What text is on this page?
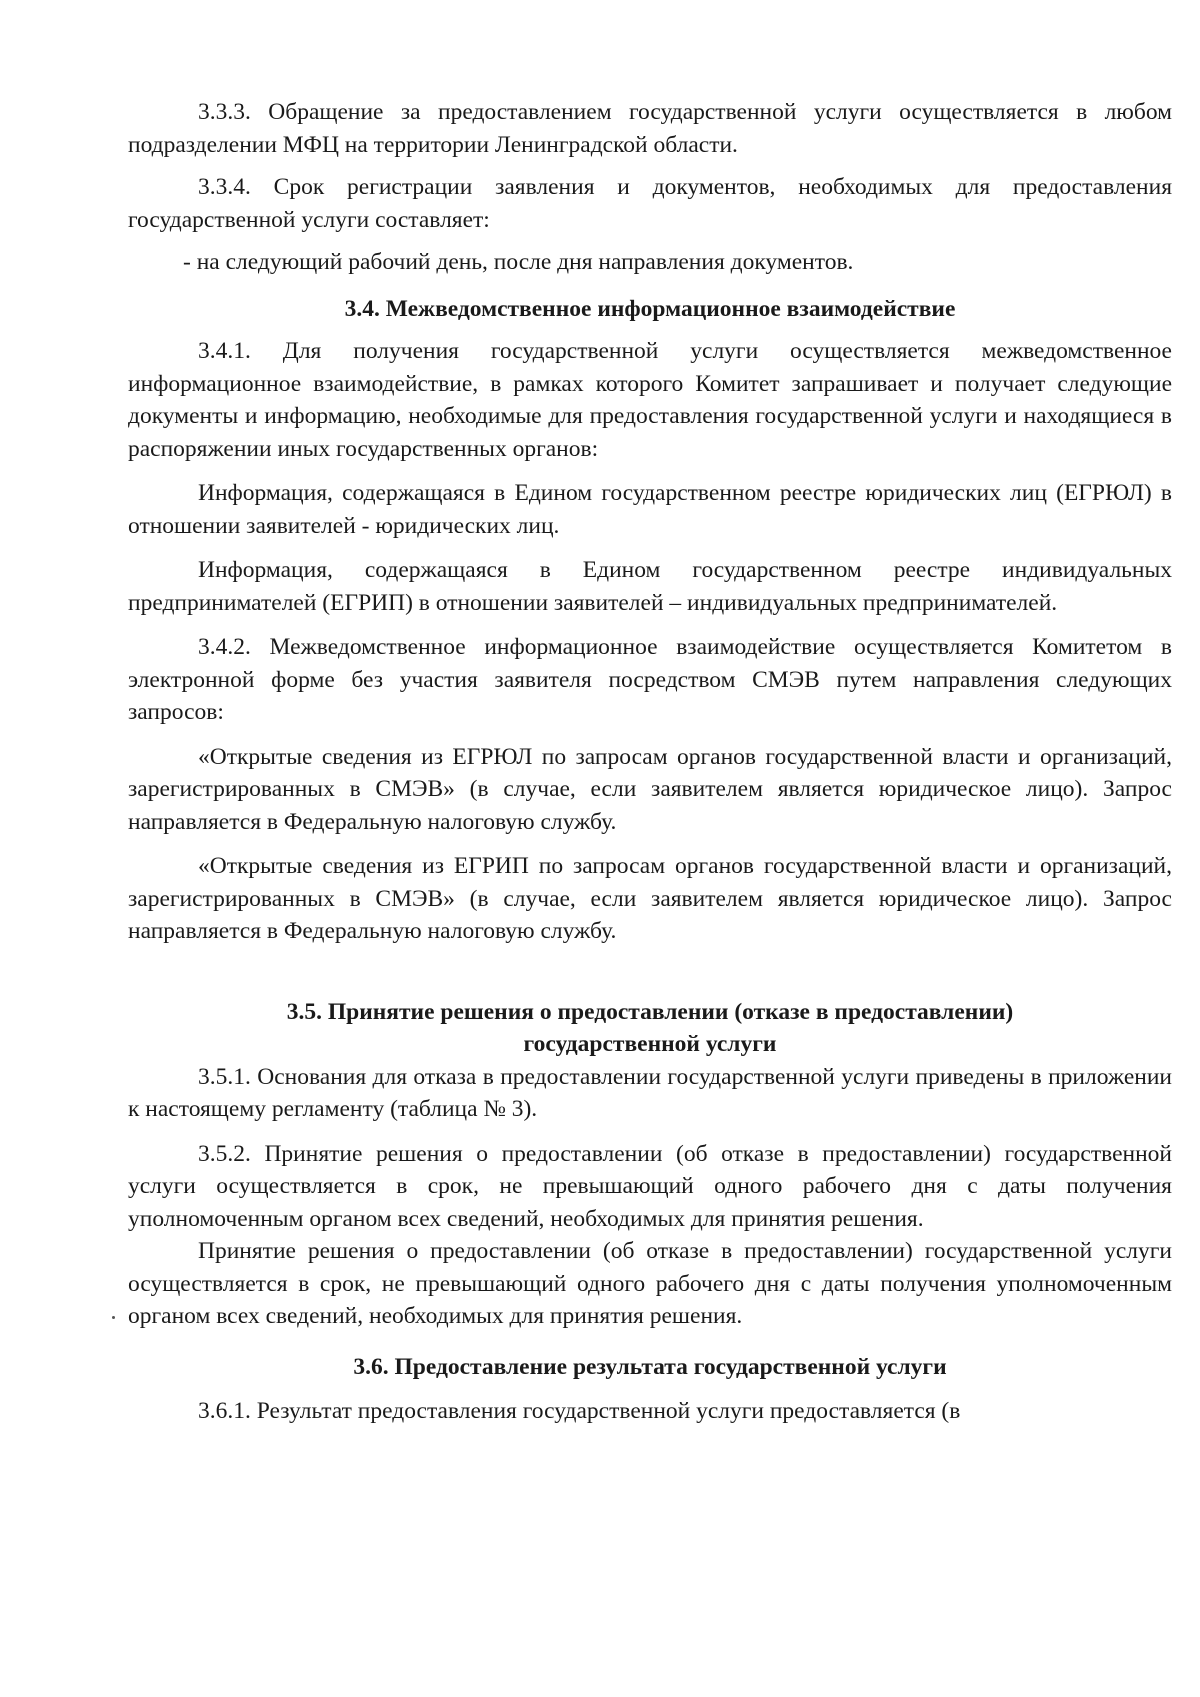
3.3.3. Обращение за предоставлением государственной услуги осуществляется в любом подразделении МФЦ на территории Ленинградской области.

3.3.4. Срок регистрации заявления и документов, необходимых для предоставления государственной услуги составляет:

- на следующий рабочий день, после дня направления документов.

3.4. Межведомственное информационное взаимодействие

3.4.1. Для получения государственной услуги осуществляется межведомственное информационное взаимодействие, в рамках которого Комитет запрашивает и получает следующие документы и информацию, необходимые для предоставления государственной услуги и находящиеся в распоряжении иных государственных органов:

Информация, содержащаяся в Едином государственном реестре юридических лиц (ЕГРЮЛ) в отношении заявителей - юридических лиц.

Информация, содержащаяся в Едином государственном реестре индивидуальных предпринимателей (ЕГРИП) в отношении заявителей – индивидуальных предпринимателей.

3.4.2. Межведомственное информационное взаимодействие осуществляется Комитетом в электронной форме без участия заявителя посредством СМЭВ путем направления следующих запросов:

«Открытые сведения из ЕГРЮЛ по запросам органов государственной власти и организаций, зарегистрированных в СМЭВ» (в случае, если заявителем является юридическое лицо). Запрос направляется в Федеральную налоговую службу.

«Открытые сведения из ЕГРИП по запросам органов государственной власти и организаций, зарегистрированных в СМЭВ» (в случае, если заявителем является юридическое лицо). Запрос направляется в Федеральную налоговую службу.

3.5. Принятие решения о предоставлении (отказе в предоставлении)
государственной услуги

3.5.1. Основания для отказа в предоставлении государственной услуги приведены в приложении к настоящему регламенту (таблица № 3).

3.5.2. Принятие решения о предоставлении (об отказе в предоставлении) государственной услуги осуществляется в срок, не превышающий одного рабочего дня с даты получения уполномоченным органом всех сведений, необходимых для принятия решения.

Принятие решения о предоставлении (об отказе в предоставлении) государственной услуги осуществляется в срок, не превышающий одного рабочего дня с даты получения уполномоченным органом всех сведений, необходимых для принятия решения.

3.6. Предоставление результата государственной услуги

3.6.1. Результат предоставления государственной услуги предоставляется (в
